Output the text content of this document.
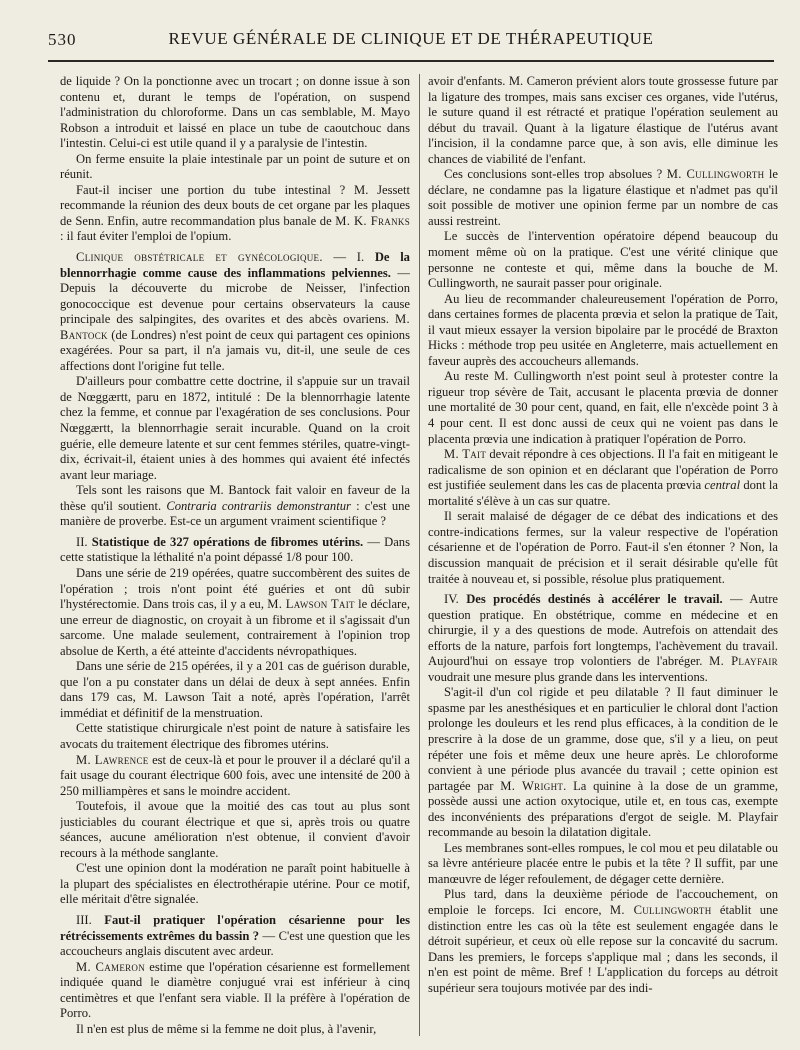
530	REVUE GÉNÉRALE DE CLINIQUE ET DE THÉRAPEUTIQUE

de liquide ? On la ponctionne avec un trocart ; on donne issue à son contenu et, durant le temps de l'opération, on suspend l'administration du chloroforme. Dans un cas semblable, M. Mayo Robson a introduit et laissé en place un tube de caoutchouc dans l'intestin. Celui-ci est utile quand il y a paralysie de l'intestin.

On ferme ensuite la plaie intestinale par un point de suture et on réunit.

Faut-il inciser une portion du tube intestinal ? M. Jessett recommande la réunion des deux bouts de cet organe par les plaques de Senn. Enfin, autre recommandation plus banale de M. K. Franks : il faut éviter l'emploi de l'opium.

Clinique obstétricale et gynécologique. — I. De la blennorrhagie comme cause des inflammations pelviennes. — Depuis la découverte du microbe de Neisser, l'infection gonococcique est devenue pour certains observateurs la cause principale des salpingites, des ovarites et des abcès ovariens. M. Bantock (de Londres) n'est point de ceux qui partagent ces opinions exagérées. Pour sa part, il n'a jamais vu, dit-il, une seule de ces affections dont l'origine fut telle.

D'ailleurs pour combattre cette doctrine, il s'appuie sur un travail de Nœggærtt, paru en 1872, intitulé : De la blennorrhagie latente chez la femme, et connue par l'exagération de ses conclusions. Pour Nœggærtt, la blennorrhagie serait incurable. Quand on la croit guérie, elle demeure latente et sur cent femmes stériles, quatre-vingt-dix, écrivait-il, étaient unies à des hommes qui avaient été infectés avant leur mariage.

Tels sont les raisons que M. Bantock fait valoir en faveur de la thèse qu'il soutient. Contraria contrariis demonstrantur : c'est une manière de proverbe. Est-ce un argument vraiment scientifique ?

II. Statistique de 327 opérations de fibromes utérins. — Dans cette statistique la léthalité n'a point dépassé 1/8 pour 100.

Dans une série de 219 opérées, quatre succombèrent des suites de l'opération ; trois n'ont point été guéries et ont dû subir l'hystérectomie. Dans trois cas, il y a eu, M. Lawson Tait le déclare, une erreur de diagnostic, on croyait à un fibrome et il s'agissait d'un sarcome. Une malade seulement, contrairement à l'opinion trop absolue de Kerth, a été atteinte d'accidents névropathiques.

Dans une série de 215 opérées, il y a 201 cas de guérison durable, que l'on a pu constater dans un délai de deux à sept années. Enfin dans 179 cas, M. Lawson Tait a noté, après l'opération, l'arrêt immédiat et définitif de la menstruation.

Cette statistique chirurgicale n'est point de nature à satisfaire les avocats du traitement électrique des fibromes utérins.

M. Lawrence est de ceux-là et pour le prouver il a déclaré qu'il a fait usage du courant électrique 600 fois, avec une intensité de 200 à 250 milliampères et sans le moindre accident.

Toutefois, il avoue que la moitié des cas tout au plus sont justiciables du courant électrique et que si, après trois ou quatre séances, aucune amélioration n'est obtenue, il convient d'avoir recours à la méthode sanglante.

C'est une opinion dont la modération ne paraît point habituelle à la plupart des spécialistes en électrothérapie utérine. Pour ce motif, elle méritait d'être signalée.

III. Faut-il pratiquer l'opération césarienne pour les rétrécissements extrêmes du bassin ? — C'est une question que les accoucheurs anglais discutent avec ardeur.

M. Cameron estime que l'opération césarienne est formellement indiquée quand le diamètre conjugué vrai est inférieur à cinq centimètres et que l'enfant sera viable. Il la préfère à l'opération de Porro.

Il n'en est plus de même si la femme ne doit plus, à l'avenir,

avoir d'enfants. M. Cameron prévient alors toute grossesse future par la ligature des trompes, mais sans exciser ces organes, vide l'utérus, le suture quand il est rétracté et pratique l'opération seulement au début du travail. Quant à la ligature élastique de l'utérus avant l'incision, il la condamne parce que, à son avis, elle diminue les chances de viabilité de l'enfant.

Ces conclusions sont-elles trop absolues ? M. Cullingworth le déclare, ne condamne pas la ligature élastique et n'admet pas qu'il soit possible de motiver une opinion ferme par un nombre de cas aussi restreint.

Le succès de l'intervention opératoire dépend beaucoup du moment même où on la pratique. C'est une vérité clinique que personne ne conteste et qui, même dans la bouche de M. Cullingworth, ne saurait passer pour originale.

Au lieu de recommander chaleureusement l'opération de Porro, dans certaines formes de placenta prœvia et selon la pratique de Tait, il vaut mieux essayer la version bipolaire par le procédé de Braxton Hicks : méthode trop peu usitée en Angleterre, mais actuellement en faveur auprès des accoucheurs allemands.

Au reste M. Cullingworth n'est point seul à protester contre la rigueur trop sévère de Tait, accusant le placenta prœvia de donner une mortalité de 30 pour cent, quand, en fait, elle n'excède point 3 à 4 pour cent. Il est donc aussi de ceux qui ne voient pas dans le placenta prœvia une indication à pratiquer l'opération de Porro.

M. Tait devait répondre à ces objections. Il l'a fait en mitigeant le radicalisme de son opinion et en déclarant que l'opération de Porro est justifiée seulement dans les cas de placenta prœvia central dont la mortalité s'élève à un cas sur quatre.

Il serait malaisé de dégager de ce débat des indications et des contre-indications fermes, sur la valeur respective de l'opération césarienne et de l'opération de Porro. Faut-il s'en étonner ? Non, la discussion manquait de précision et il serait désirable qu'elle fût traitée à nouveau et, si possible, résolue plus pratiquement.

IV. Des procédés destinés à accélérer le travail. — Autre question pratique. En obstétrique, comme en médecine et en chirurgie, il y a des questions de mode. Autrefois on attendait des efforts de la nature, parfois fort longtemps, l'achèvement du travail. Aujourd'hui on essaye trop volontiers de l'abréger. M. Playfair voudrait une mesure plus grande dans les interventions.

S'agit-il d'un col rigide et peu dilatable ? Il faut diminuer le spasme par les anesthésiques et en particulier le chloral dont l'action prolonge les douleurs et les rend plus efficaces, à la condition de le prescrire à la dose de un gramme, dose que, s'il y a lieu, on peut répéter une fois et même deux une heure après. Le chloroforme convient à une période plus avancée du travail ; cette opinion est partagée par M. Wright. La quinine à la dose de un gramme, possède aussi une action oxytocique, utile et, en tous cas, exempte des inconvénients des préparations d'ergot de seigle. M. Playfair recommande au besoin la dilatation digitale.

Les membranes sont-elles rompues, le col mou et peu dilatable ou sa lèvre antérieure placée entre le pubis et la tête ? Il suffit, par une manœuvre de léger refoulement, de dégager cette dernière.

Plus tard, dans la deuxième période de l'accouchement, on emploie le forceps. Ici encore, M. Cullingworth établit une distinction entre les cas où la tête est seulement engagée dans le détroit supérieur, et ceux où elle repose sur la concavité du sacrum. Dans les premiers, le forceps s'applique mal ; dans les seconds, il n'en est point de même. Bref ! L'application du forceps au détroit supérieur sera toujours motivée par des indi-
